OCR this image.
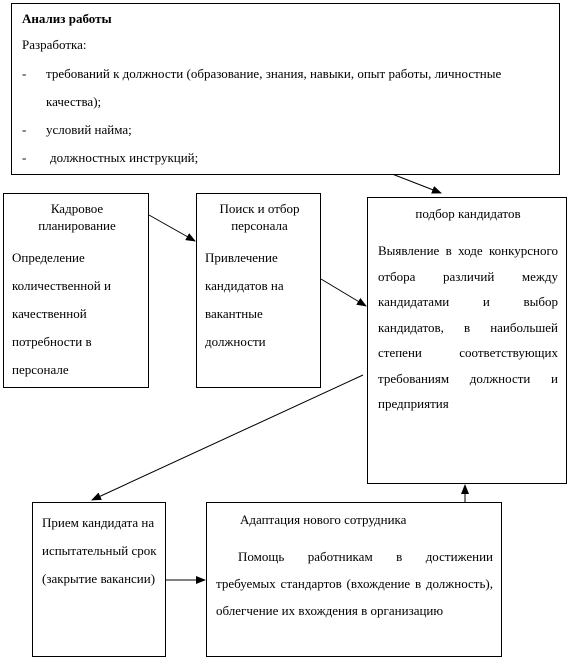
Анализ работы

Разработка:

- требований к должности (образование, знания, навыки, опыт работы, личностные качества);
- условий найма;
- должностных инструкций;

Кадровое планирование

Определение количественной и качественной потребности в персонале

Поиск и отбор персонала

Привлечение кандидатов на вакантные должности

подбор кандидатов

Выявление в ходе конкурсного отбора различий между кандидатами и выбор кандидатов, в наибольшей степени соответствующих требованиям должности и предприятия

Прием кандидата на испытательный срок (закрытие вакансии)

Адаптация нового сотрудника

Помощь работникам в достижении требуемых стандартов (вхождение в должность), облегчение их вхождения в организацию
